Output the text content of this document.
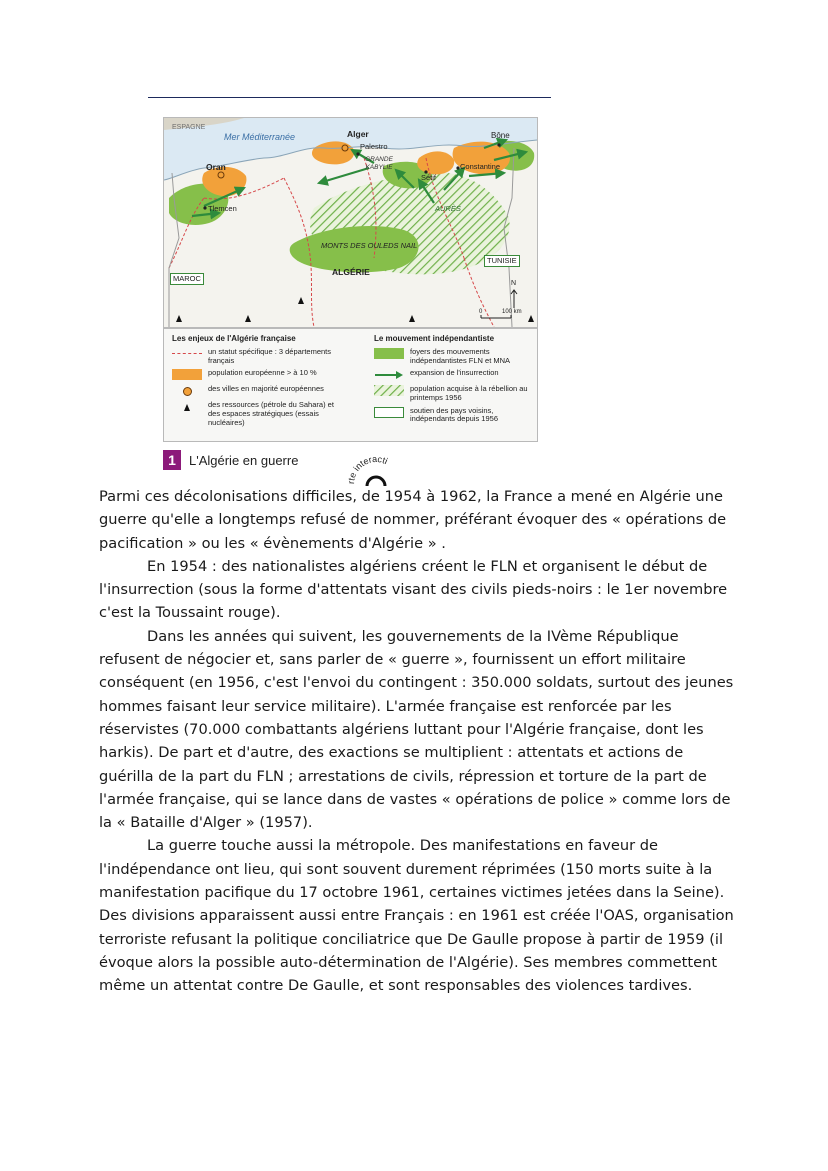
ESPAGNE
Mer Méditerranée	Alger
Palestro
GRANDE KABYLIE
Bône
Constantine
Sétif
Oran
Tlemcen	AURÈS
MONTS DES OULEDS NAIL
ALGÉRIE
MAROC
TUNISIE
N
0	100 km
Les enjeux de l'Algérie française
un statut spécifique : 3 départements français
population européenne > à 10 %
des villes en majorité européennes
des ressources (pétrole du Sahara) et des espaces stratégiques (essais nucléaires)
Le mouvement indépendantiste
foyers des mouvements indépendantistes FLN et MNA
expansion de l'insurrection
population acquise à la rébellion au printemps 1956
soutien des pays voisins, indépendants depuis 1956
1	L'Algérie en guerre
rte interacti

Parmi ces décolonisations difficiles, de 1954 à 1962, la France a mené en Algérie une guerre qu'elle a longtemps refusé de nommer, préférant évoquer des « opérations de pacification » ou les « évènements d'Algérie » .

En 1954 : des nationalistes algériens créent le FLN et organisent le début de l'insurrection (sous la forme d'attentats visant des civils pieds-noirs : le 1er novembre c'est la Toussaint rouge).

Dans les années qui suivent, les gouvernements de la IVème République refusent de négocier et, sans parler de « guerre », fournissent un effort militaire conséquent (en 1956, c'est l'envoi du contingent : 350.000 soldats, surtout des jeunes hommes faisant leur service militaire). L'armée française est renforcée par les réservistes (70.000 combattants algériens luttant pour l'Algérie française, dont les harkis). De part et d'autre, des exactions se multiplient : attentats et actions de guérilla de la part du FLN ; arrestations de civils, répression et torture de la part de l'armée française, qui se lance dans de vastes « opérations de police » comme lors de la « Bataille d'Alger » (1957).

La guerre touche aussi la métropole. Des manifestations en faveur de l'indépendance ont lieu, qui sont souvent durement réprimées (150 morts suite à la manifestation pacifique du 17 octobre 1961, certaines victimes jetées dans la Seine). Des divisions apparaissent aussi entre Français : en 1961 est créée l'OAS, organisation terroriste refusant la politique conciliatrice que De Gaulle propose à partir de 1959 (il évoque alors la possible auto-détermination de l'Algérie). Ses membres commettent même un attentat contre De Gaulle, et sont responsables des violences tardives.
